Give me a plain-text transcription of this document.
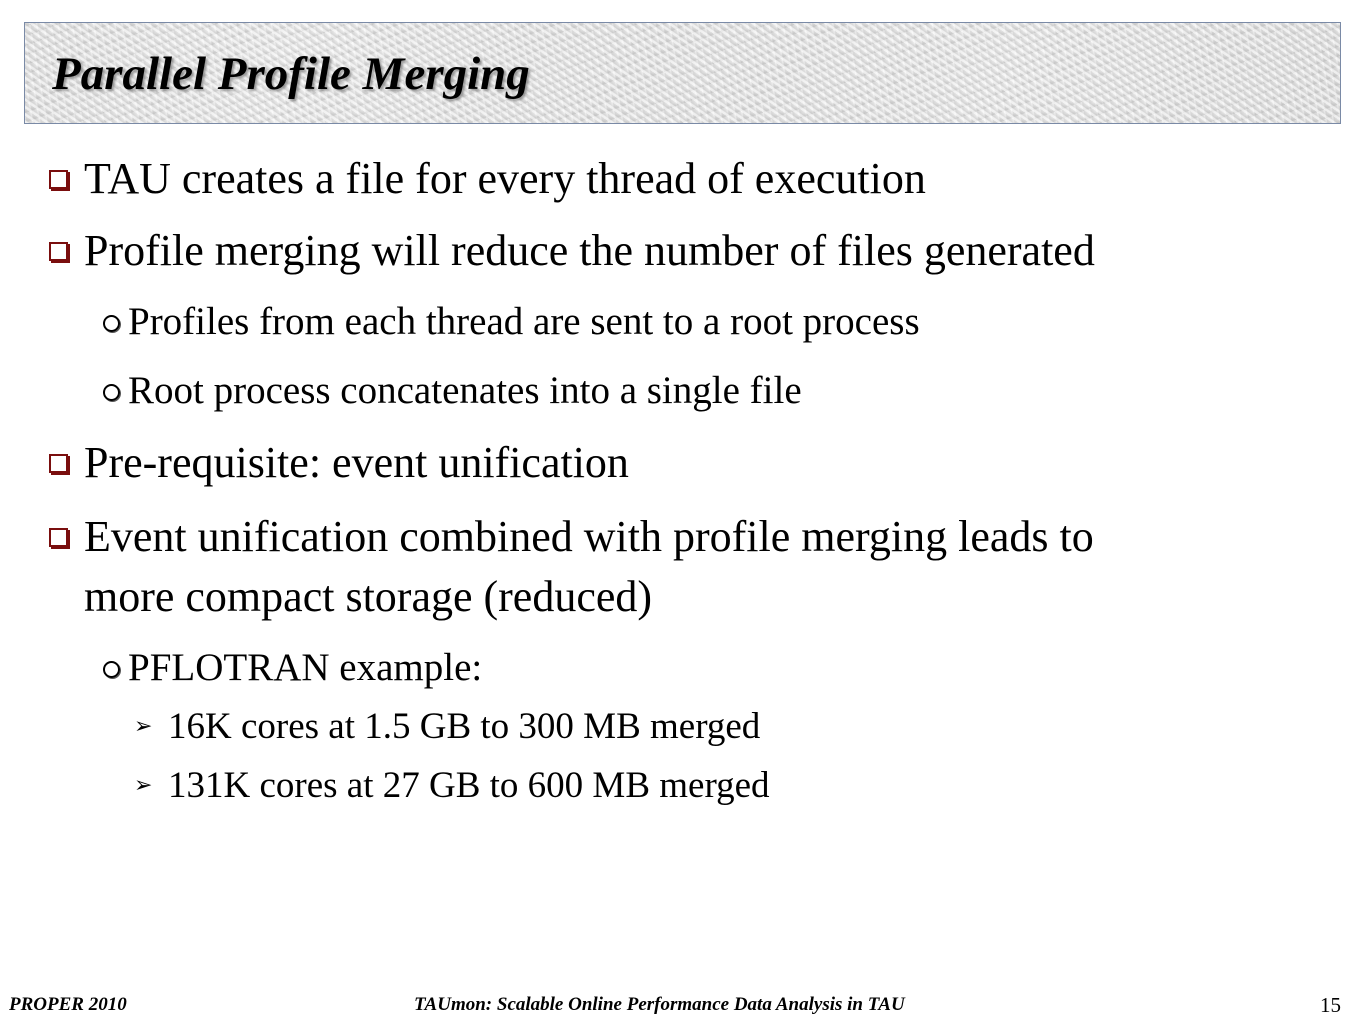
Parallel Profile Merging
TAU creates a file for every thread of execution
Profile merging will reduce the number of files generated
Profiles from each thread are sent to a root process
Root process concatenates into a single file
Pre-requisite: event unification
Event unification combined with profile merging leads to
more compact storage (reduced)
PFLOTRAN example:
➢ 16K cores at 1.5 GB to 300 MB merged
➢ 131K cores at 27 GB to 600 MB merged
PROPER 2010	TAUmon: Scalable Online Performance Data Analysis in TAU	15
